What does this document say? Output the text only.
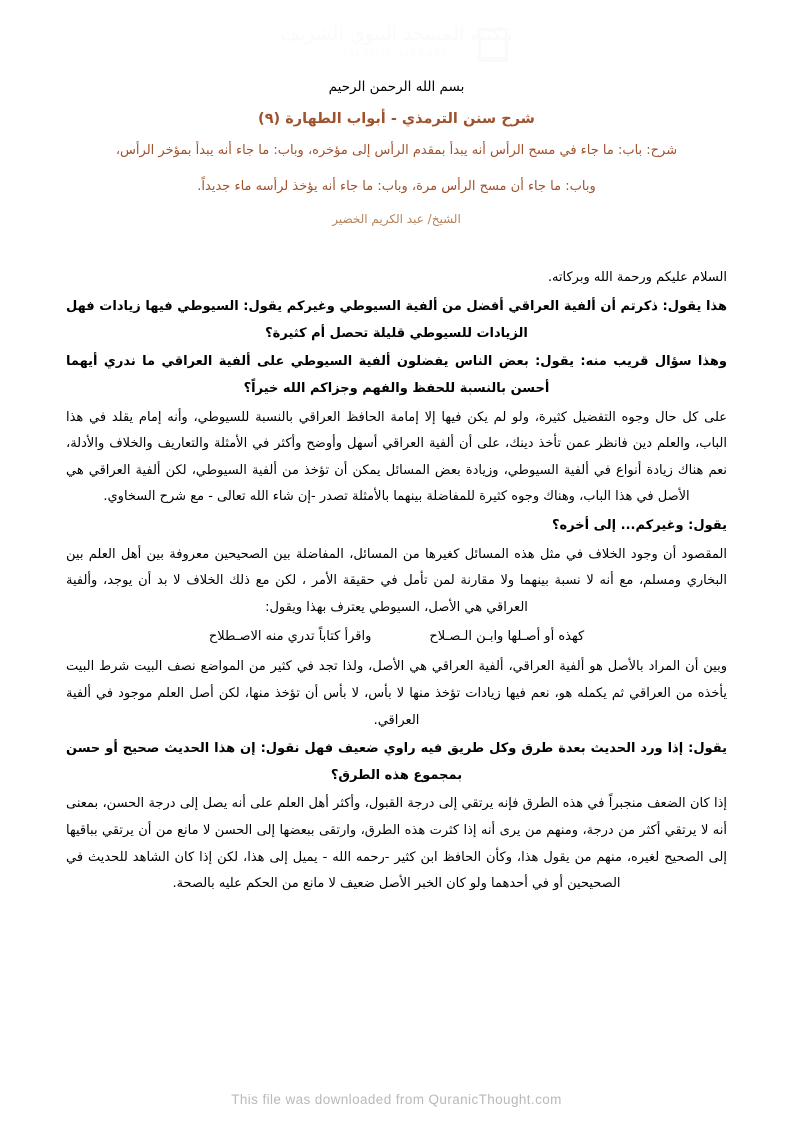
مكتبة المسجد النبوي الشريف
ISLAMIC LIBRARY
بسم الله الرحمن الرحيم
شرح سنن الترمذي - أبواب الطهارة (٩)
شرح: باب: ما جاء في مسح الرأس أنه يبدأ بمقدم الرأس إلى مؤخره، وباب: ما جاء أنه يبدأ بمؤخر الرأس،
وباب: ما جاء أن مسح الرأس مرة، وباب: ما جاء أنه يؤخذ لرأسه ماء جديداً.
الشيخ/ عبد الكريم الخضير
السلام عليكم ورحمة الله وبركاته.

هذا يقول: ذكرتم أن ألفية العراقي أفضل من ألفية السيوطي وغيركم يقول: السيوطي فيها زيادات فهل الزيادات للسيوطي قليلة تحصل أم كثيرة؟

وهذا سؤال قريب منه: يقول: بعض الناس يفضلون ألفية السيوطي على ألفية العراقي ما ندري أيهما أحسن بالنسبة للحفظ والفهم وجزاكم الله خيراً؟

على كل حال وجوه التفضيل كثيرة، ولو لم يكن فيها إلا إمامة الحافظ العراقي بالنسبة للسيوطي، وأنه إمام يقلد في هذا الباب، والعلم دين فانظر عمن تأخذ دينك، على أن ألفية العراقي أسهل وأوضح وأكثر في الأمثلة والتعاريف والخلاف والأدلة، نعم هناك زيادة أنواع في ألفية السيوطي، وزيادة بعض المسائل يمكن أن تؤخذ من ألفية السيوطي، لكن ألفية العراقي هي الأصل في هذا الباب، وهناك وجوه كثيرة للمفاضلة بينهما بالأمثلة تصدر -إن شاء الله تعالى - مع شرح السخاوي.

يقول: وغيركم... إلى أخره؟

المقصود أن وجود الخلاف في مثل هذه المسائل كغيرها من المسائل، المفاضلة بين الصحيحين معروفة بين أهل العلم بين البخاري ومسلم، مع أنه لا نسبة بينهما ولا مقارنة لمن تأمل في حقيقة الأمر ، لكن مع ذلك الخلاف لا بد أن يوجد، وألفية العراقي هي الأصل، السيوطي يعترف بهذا ويقول:

كهذه أو أصـلها وابـن الـصـلاح
واقرأ كتاباً تدري منه الاصـطلاح

وبين أن المراد بالأصل هو ألفية العراقي، ألفية العراقي هي الأصل، ولذا تجد في كثير من المواضع نصف البيت شرط البيت يأخذه من العراقي ثم يكمله هو، نعم فيها زيادات تؤخذ منها لا بأس، لا بأس أن تؤخذ منها، لكن أصل العلم موجود في ألفية العراقي.

يقول: إذا ورد الحديث بعدة طرق وكل طريق فيه راوي ضعيف فهل نقول: إن هذا الحديث صحيح أو حسن بمجموع هذه الطرق؟

إذا كان الضعف منجبراً في هذه الطرق فإنه يرتقي إلى درجة القبول، وأكثر أهل العلم على أنه يصل إلى درجة الحسن، بمعنى أنه لا يرتقي أكثر من درجة، ومنهم من يرى أنه إذا كثرت هذه الطرق، وارتقى ببعضها إلى الحسن لا مانع من أن يرتقي بباقيها إلى الصحيح لغيره، منهم من يقول هذا، وكأن الحافظ ابن كثير -رحمه الله - يميل إلى هذا، لكن إذا كان الشاهد للحديث في الصحيحين أو في أحدهما ولو كان الخبر الأصل ضعيف لا مانع من الحكم عليه بالصحة.

This file was downloaded from QuranicThought.com
